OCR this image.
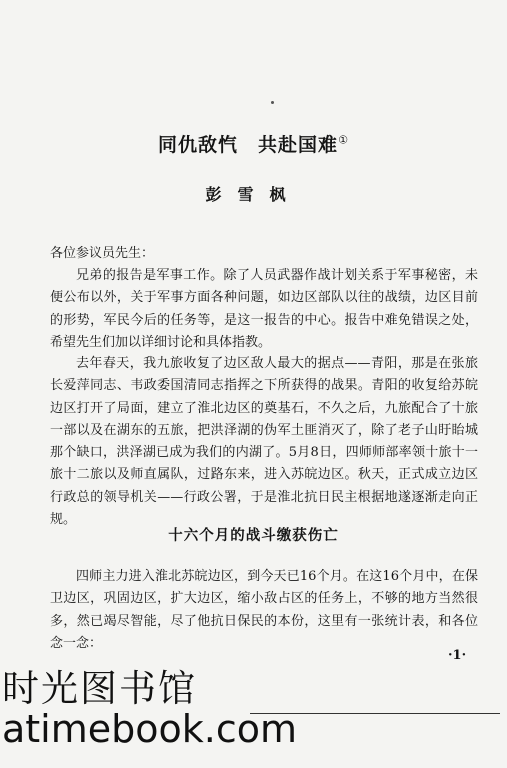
同仇敌忾　共赴国难①
彭雪枫

各位参议员先生：

兄弟的报告是军事工作。除了人员武器作战计划关系于军事秘密，未便公布以外，关于军事方面各种问题，如边区部队以往的战绩，边区目前的形势，军民今后的任务等，是这一报告的中心。报告中难免错误之处，希望先生们加以详细讨论和具体指教。

去年春天，我九旅收复了边区敌人最大的据点——青阳，那是在张旅长爱萍同志、韦政委国清同志指挥之下所获得的战果。青阳的收复给苏皖边区打开了局面，建立了淮北边区的奠基石，不久之后，九旅配合了十旅一部以及在湖东的五旅，把洪泽湖的伪军土匪消灭了，除了老子山盱眙城那个缺口，洪泽湖已成为我们的内湖了。5月8日，四师师部率领十旅十一旅十二旅以及师直属队，过路东来，进入苏皖边区。秋天，正式成立边区行政总的领导机关——行政公署，于是淮北抗日民主根据地遂逐渐走向正规。

十六个月的战斗缴获伤亡

四师主力进入淮北苏皖边区，到今天已16个月。在这16个月中，在保卫边区，巩固边区，扩大边区，缩小敌占区的任务上，不够的地方当然很多，然已竭尽智能，尽了他抗日保民的本份，这里有一张统计表，和各位念一念：

·1·
时光图书馆
atimebook.com
